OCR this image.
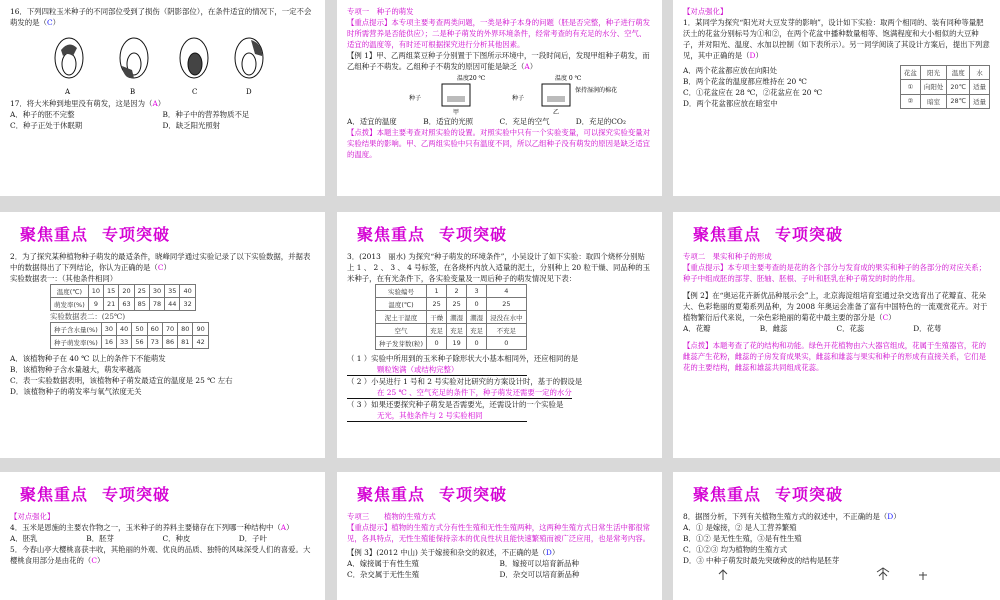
16．下列四粒玉米种子的不同部位受到了损伤（阴影部位），在条件适宜的情况下，一定不会萌发的是（C）

A	B	C	D

17．将大米种到地里没有萌发，这是因为（A）

A．种子的胚不完整	B．种子中的营养物质不足
C．种子正处于休眠期	D．缺乏阳光照射

专项一　种子的萌发

【重点提示】本专项主要考查两类问题，一类是种子本身的问题（胚是否完整，种子进行萌发时所需营养是否能供应）；二是种子萌发的外界环境条件，经常考查的有充足的水分、空气、适宜的温度等，有时还可根据探究进行分析其他因素。

【例 1】甲、乙两组菜豆种子分别置于下图所示环境中，一段时间后，发现甲组种子萌发，而乙组种子不萌发。乙组种子不萌发的原因可能是缺乏（A）

温度20 ℃
种子
甲
温度 0 ℃
保持湿润的棉花
种子
乙
A．适宜的温度	B．适宜的光照	C．充足的空气	D．充足的CO₂

【点拨】本题主要考查对照实验的设置。对照实验中只有一个实验变量，可以探究实验变量对实验结果的影响。甲、乙两组实验中只有温度不同，所以乙组种子没有萌发的原因是缺乏适宜的温度。

【对点强化】

1．某同学为探究“阳光对大豆发芽的影响”，设计如下实验：取两个相同的、装有同种等量肥沃土的花盆分别标号为①和②，在两个花盆中播种数量相等、饱满程度和大小相似的大豆种子，并对阳光、温度、水加以控制（如下表所示）。另一同学阅读了其设计方案后，提出下列意见，其中正确的是（D）

A．两个花盆都应放在向阳处

B．两个花盆的温度都应维持在 20 ℃

C．①花盆应在 28 ℃，②花盆应在 20 ℃

D．两个花盆都应放在暗室中

花盆	阳光	温度	水
①	向阳处	20℃	适量
②	暗室	28℃	适量
聚焦重点 专项突破

2．为了探究某种植物种子萌发的最适条件，晓峰同学通过实验记录了以下实验数据，并据表中的数据得出了下列结论，你认为正确的是（C）

实验数据表一：（其他条件相同）

温度(℃)	10	15	20	25	30	35	40
萌发率(%)	9	21	63	85	78	44	32

实验数据表二：(25℃)

种子含水量(%)	30	40	50	60	70	80	90
种子萌发率(%)	16	33	56	73	86	81	42

A．该植物种子在 40 ℃ 以上的条件下不能萌发

B．该植物种子含水量越大，萌发率越高

C．表一实验数据表明，该植物种子萌发最适宜的温度是 25 ℃ 左右

D．该植物种子的萌发率与氧气浓度无关

聚焦重点 专项突破

3．(2013　丽水) 为探究“种子萌发的环境条件”，小吴设计了如下实验：取四个烧杯分别贴上 1 、 2 、 3 、 4 号标签，在各烧杯内放入适量的泥土，分别种上 20 粒干燥、同品种的玉米种子，在有光条件下，各实验变量及一周后种子的萌发情况见下表：

实验编号	1	2	3	4
温度(℃)	25	25	0	25
泥土干湿度	干燥	潮湿	潮湿	浸没在水中
空气	充足	充足	充足	不充足
种子发芽数(粒)	0	19	0	0

（ 1 ）实验中所用到的玉米种子除形状大小基本相同外，还应相同的是

颗粒饱满（或结构完整）

（ 2 ）小吴进行 1 号和 2 号实验对比研究的方案设计时，基于的假设是

在 25 ℃ 、空气充足的条件下，种子萌发还需要一定的水分

（ 3 ）如果还要探究种子萌发是否需要光，还需设计的一个实验是

无光，其他条件与 2 号实验相同

聚焦重点 专项突破

专项二　果实和种子的形成

【重点提示】本专项主要考查的是花的各个部分与发育成的果实和种子的各部分的对应关系；种子中组成胚的部芽、胚轴、胚根、子叶和胚乳在种子萌发的时的作用。

【例 2】在“奥运花卉新优品种展示会”上，北京海淀组培育室通过杂交选育出了花瓣直、花朵大、色彩艳丽的夏菊系列品种，为 2008 年奥运会准备了富有中国特色的一流观赏花卉。对于植物繁衍后代来说，一朵色彩艳丽的菊花中最主要的部分是（C）

A．花瓣	B．雌蕊	C．花蕊	D．花萼

【点拨】本题考查了花的结构和功能。绿色开花植物由六大器官组成，花属于生殖器官，花的雌蕊产生花粉，雌蕊的子房发育成果实，雌蕊和雄蕊与果实和种子的形成有直接关系，它们是花的主要结构，雌蕊和雄蕊共同组成花蕊。

聚焦重点 专项突破

【对点强化】

4．玉米是恩施的主要农作物之一，玉米种子的养料主要储存在下列哪一种结构中（A）

A．胚乳	B．胚芽	C．种皮	D．子叶

5．今春山亭大樱桃喜获丰收，其艳丽的外观、优良的品质、独特的风味深受人们的喜爱。大樱桃食用部分是由花的（C）

聚焦重点 专项突破

专项三　　植物的生殖方式

【重点提示】植物的生殖方式分有性生殖和无性生殖两种，这两种生殖方式日常生活中都很常见，各具特点，无性生殖能保持亲本的优良性状且能快速繁殖而被广泛应用，也是常考内容。

【例 3】(2012 中山) 关于嫁接和杂交的叙述，不正确的是（D）

A．嫁接属于有性生殖	B．嫁接可以培育新品种
C．杂交属于无性生殖	D．杂交可以培育新品种
聚焦重点 专项突破

8．据图分析，下列有关植物生殖方式的叙述中，不正确的是（D）

A．① 是嫁接，② 是人工营养繁殖

B．①② 是无性生殖，③是有性生殖

C．①②③ 均为植物的生殖方式

D．③ 中种子萌发时最先突破种皮的结构是胚芽
